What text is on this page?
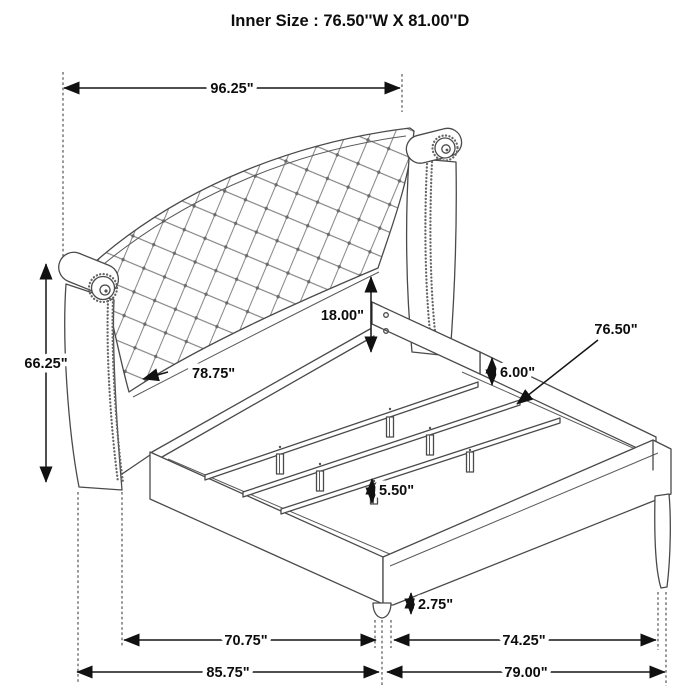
96.25"
66.25"
18.00"
78.75"	6.00"
76.50"
5.50"
2.75"
70.75"	74.25"
85.75"	79.00"
Inner Size : 76.50''W X 81.00''D
